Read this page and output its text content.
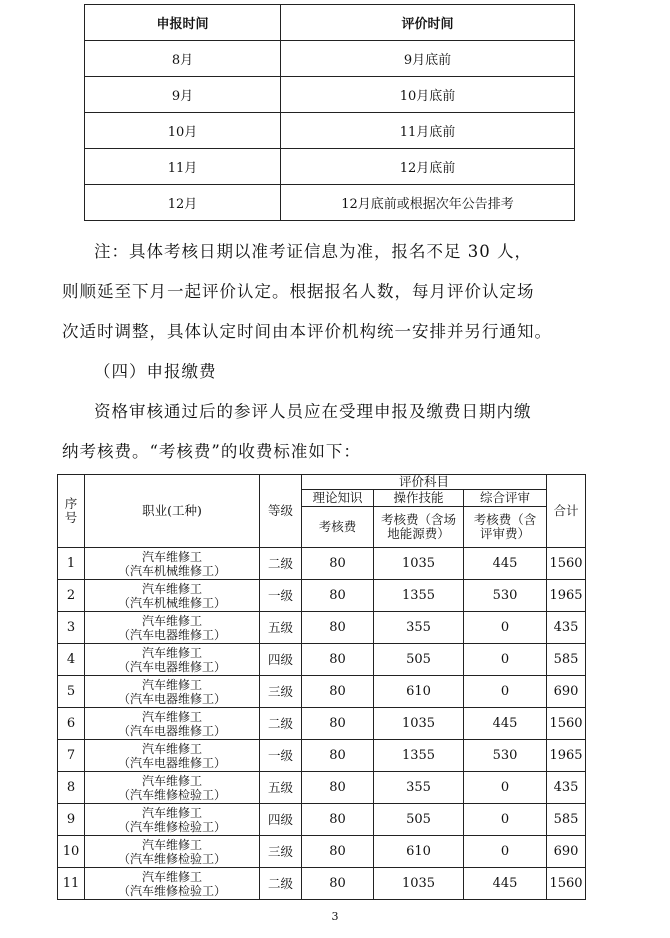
申报时间	评价时间
8月	9月底前
9月	10月底前
10月	11月底前
11月	12月底前
12月	12月底前或根据次年公告排考
注：具体考核日期以准考证信息为准，报名不足 30 人，
则顺延至下月一起评价认定。根据报名人数，每月评价认定场
次适时调整，具体认定时间由本评价机构统一安排并另行通知。
（四）申报缴费
资格审核通过后的参评人员应在受理申报及缴费日期内缴
纳考核费。“考核费”的收费标准如下：
序号	职业(工种)	等级	评价科目			合计
			理论知识	操作技能	综合评审	
			考核费	考核费（含场地能源费）	考核费（含评审费）	
1	汽车维修工
（汽车机械维修工）	二级	80	1035	445	1560
2	汽车维修工
（汽车机械维修工）	一级	80	1355	530	1965
3	汽车维修工
（汽车电器维修工）	五级	80	355	0	435
4	汽车维修工
（汽车电器维修工）	四级	80	505	0	585
5	汽车维修工
（汽车电器维修工）	三级	80	610	0	690
6	汽车维修工
（汽车电器维修工）	二级	80	1035	445	1560
7	汽车维修工
（汽车电器维修工）	一级	80	1355	530	1965
8	汽车维修工
（汽车维修检验工）	五级	80	355	0	435
9	汽车维修工
（汽车维修检验工）	四级	80	505	0	585
10	汽车维修工
（汽车维修检验工）	三级	80	610	0	690
11	汽车维修工
（汽车维修检验工）	二级	80	1035	445	1560
3
